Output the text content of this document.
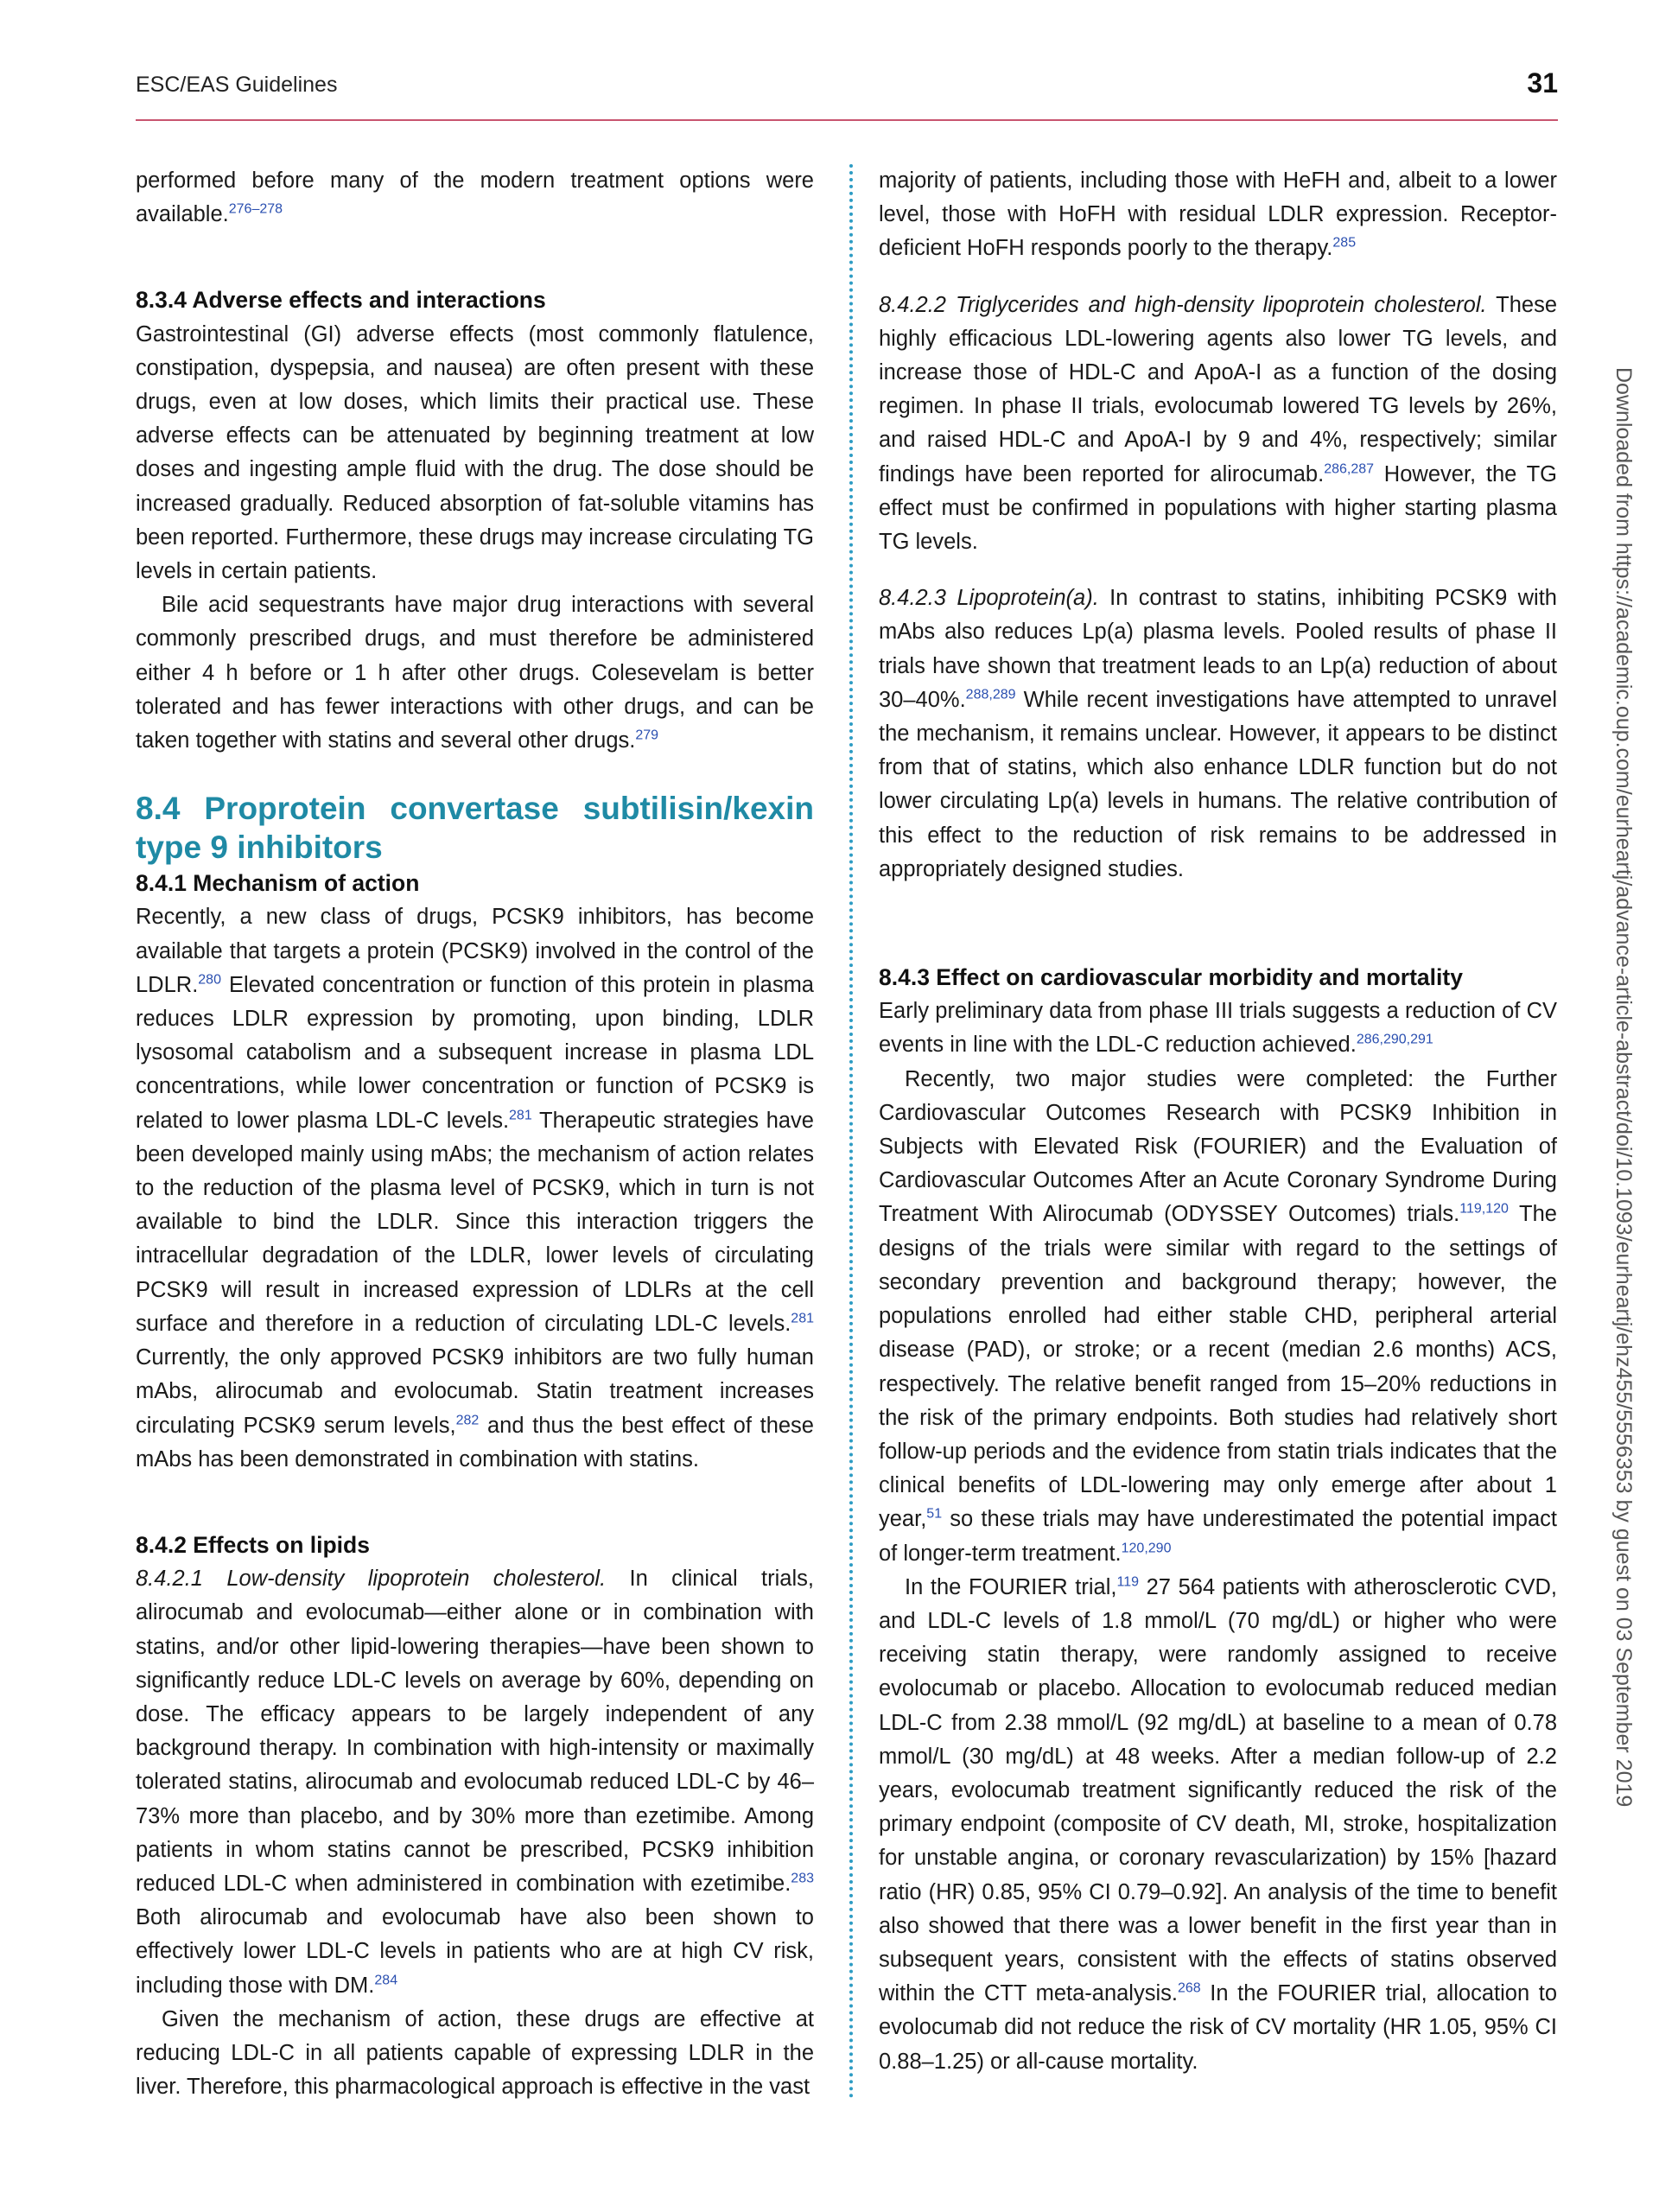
ESC/EAS Guidelines	31

performed before many of the modern treatment options were available.$^{276-278}$

8.3.4 Adverse effects and interactions

Gastrointestinal (GI) adverse effects (most commonly flatulence, constipation, dyspepsia, and nausea) are often present with these drugs, even at low doses, which limits their practical use. These adverse effects can be attenuated by beginning treatment at low doses and ingesting ample fluid with the drug. The dose should be increased gradually. Reduced absorption of fat-soluble vitamins has been reported. Furthermore, these drugs may increase circulating TG levels in certain patients.

Bile acid sequestrants have major drug interactions with several commonly prescribed drugs, and must therefore be administered either 4 h before or 1 h after other drugs. Colesevelam is better tolerated and has fewer interactions with other drugs, and can be taken together with statins and several other drugs.$^{279}$

8.4 Proprotein convertase subtilisin/kexin type 9 inhibitors
8.4.1 Mechanism of action

Recently, a new class of drugs, PCSK9 inhibitors, has become available that targets a protein (PCSK9) involved in the control of the LDLR.$^{280}$ Elevated concentration or function of this protein in plasma reduces LDLR expression by promoting, upon binding, LDLR lysosomal catabolism and a subsequent increase in plasma LDL concentrations, while lower concentration or function of PCSK9 is related to lower plasma LDL-C levels.$^{281}$ Therapeutic strategies have been developed mainly using mAbs; the mechanism of action relates to the reduction of the plasma level of PCSK9, which in turn is not available to bind the LDLR. Since this interaction triggers the intracellular degradation of the LDLR, lower levels of circulating PCSK9 will result in increased expression of LDLRs at the cell surface and therefore in a reduction of circulating LDL-C levels.$^{281}$ Currently, the only approved PCSK9 inhibitors are two fully human mAbs, alirocumab and evolocumab. Statin treatment increases circulating PCSK9 serum levels,$^{282}$ and thus the best effect of these mAbs has been demonstrated in combination with statins.

8.4.2 Effects on lipids

8.4.2.1 Low-density lipoprotein cholesterol. In clinical trials, alirocumab and evolocumab—either alone or in combination with statins, and/or other lipid-lowering therapies—have been shown to significantly reduce LDL-C levels on average by 60%, depending on dose. The efficacy appears to be largely independent of any background therapy. In combination with high-intensity or maximally tolerated statins, alirocumab and evolocumab reduced LDL-C by 46–73% more than placebo, and by 30% more than ezetimibe. Among patients in whom statins cannot be prescribed, PCSK9 inhibition reduced LDL-C when administered in combination with ezetimibe.$^{283}$ Both alirocumab and evolocumab have also been shown to effectively lower LDL-C levels in patients who are at high CV risk, including those with DM.$^{284}$

Given the mechanism of action, these drugs are effective at reducing LDL-C in all patients capable of expressing LDLR in the liver. Therefore, this pharmacological approach is effective in the vast

majority of patients, including those with HeFH and, albeit to a lower level, those with HoFH with residual LDLR expression. Receptor-deficient HoFH responds poorly to the therapy.$^{285}$

8.4.2.2 Triglycerides and high-density lipoprotein cholesterol. These highly efficacious LDL-lowering agents also lower TG levels, and increase those of HDL-C and ApoA-I as a function of the dosing regimen. In phase II trials, evolocumab lowered TG levels by 26%, and raised HDL-C and ApoA-I by 9 and 4%, respectively; similar findings have been reported for alirocumab.$^{286,287}$ However, the TG effect must be confirmed in populations with higher starting plasma TG levels.

8.4.2.3 Lipoprotein(a). In contrast to statins, inhibiting PCSK9 with mAbs also reduces Lp(a) plasma levels. Pooled results of phase II trials have shown that treatment leads to an Lp(a) reduction of about 30–40%.$^{288,289}$ While recent investigations have attempted to unravel the mechanism, it remains unclear. However, it appears to be distinct from that of statins, which also enhance LDLR function but do not lower circulating Lp(a) levels in humans. The relative contribution of this effect to the reduction of risk remains to be addressed in appropriately designed studies.

8.4.3 Effect on cardiovascular morbidity and mortality

Early preliminary data from phase III trials suggests a reduction of CV events in line with the LDL-C reduction achieved.$^{286,290,291}$

Recently, two major studies were completed: the Further Cardiovascular Outcomes Research with PCSK9 Inhibition in Subjects with Elevated Risk (FOURIER) and the Evaluation of Cardiovascular Outcomes After an Acute Coronary Syndrome During Treatment With Alirocumab (ODYSSEY Outcomes) trials.$^{119,120}$ The designs of the trials were similar with regard to the settings of secondary prevention and background therapy; however, the populations enrolled had either stable CHD, peripheral arterial disease (PAD), or stroke; or a recent (median 2.6 months) ACS, respectively. The relative benefit ranged from 15–20% reductions in the risk of the primary endpoints. Both studies had relatively short follow-up periods and the evidence from statin trials indicates that the clinical benefits of LDL-lowering may only emerge after about 1 year,$^{51}$ so these trials may have underestimated the potential impact of longer-term treatment.$^{120,290}$

In the FOURIER trial,$^{119}$ 27 564 patients with atherosclerotic CVD, and LDL-C levels of 1.8 mmol/L (70 mg/dL) or higher who were receiving statin therapy, were randomly assigned to receive evolocumab or placebo. Allocation to evolocumab reduced median LDL-C from 2.38 mmol/L (92 mg/dL) at baseline to a mean of 0.78 mmol/L (30 mg/dL) at 48 weeks. After a median follow-up of 2.2 years, evolocumab treatment significantly reduced the risk of the primary endpoint (composite of CV death, MI, stroke, hospitalization for unstable angina, or coronary revascularization) by 15% [hazard ratio (HR) 0.85, 95% CI 0.79–0.92]. An analysis of the time to benefit also showed that there was a lower benefit in the first year than in subsequent years, consistent with the effects of statins observed within the CTT meta-analysis.$^{268}$ In the FOURIER trial, allocation to evolocumab did not reduce the risk of CV mortality (HR 1.05, 95% CI 0.88–1.25) or all-cause mortality.

Downloaded from https://academic.oup.com/eurheartj/advance-article-abstract/doi/10.1093/eurheartj/ehz455/5556353 by guest on 03 September 2019
